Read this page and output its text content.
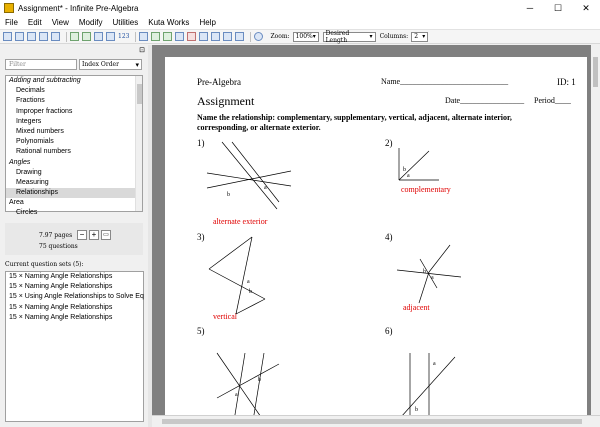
Assignment* - Infinite Pre-Algebra	─	☐	✕
File	Edit	View	Modify	Utilities	Kuta Works	Help
123	Zoom: 100% ▾ Desired Length	▾ Columns: 2 ▾
⊡
Filter	Index Order ▾
Adding and subtracting
Decimals
Fractions
Improper fractions
Integers
Mixed numbers
Polynomials
Rational numbers
Angles
Drawing
Measuring
Relationships
Area
Circles
7.97 pages
75 questions
− +	▭
Current question sets (5):
15 × Naming Angle Relationships
15 × Naming Angle Relationships
15 × Using Angle Relationships to Solve Eq
15 × Naming Angle Relationships
15 × Naming Angle Relationships
Pre-Algebra	Name___________________________	ID: 1
Assignment	Date________________ Period____
Name the relationship: complementary, supplementary, vertical, adjacent, alternate interior, corresponding, or alternate exterior.
1)	2)
3)	4)
5)	6)
alternate exterior
complementary
vertical
adjacent
a
b
b
a
a
b
b
a
a
b
a
b
